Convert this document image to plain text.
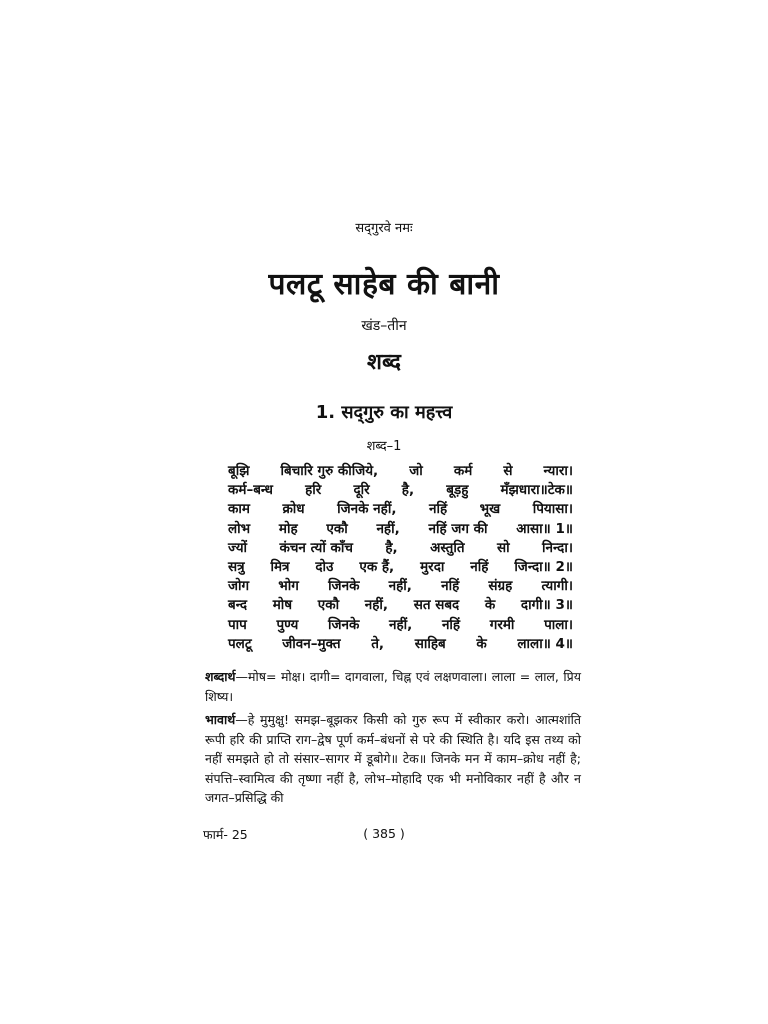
सद्‌गुरवे नमः
पलटू साहेब की बानी
खंड–तीन
शब्द
1. सद्‌गुरु का महत्त्व
शब्द–1
बूझि बिचारि गुरु कीजिये, जो कर्म से न्यारा।
कर्म–बन्ध हरि दूरि है, बूड़हु मँझधारा॥टेक॥
काम क्रोध जिनके नहीं, नहिं भूख पियासा।
लोभ मोह एकौ नहीं, नहिं जग की आसा॥ 1॥
ज्यों कंचन त्यों काँच है, अस्तुति सो निन्दा।
सत्रु मित्र दोउ एक हैं, मुरदा नहिं जिन्दा॥ 2॥
जोग भोग जिनके नहीं, नहिं संग्रह त्यागी।
बन्द मोष एकौ नहीं, सत सबद के दागी॥ 3॥
पाप पुण्य जिनके नहीं, नहिं गरमी पाला।
पलटू जीवन–मुक्त ते, साहिब के लाला॥ 4॥
शब्दार्थ—मोष= मोक्ष। दागी= दागवाला, चिह्न एवं लक्षणवाला। लाला = लाल, प्रिय शिष्य।
भावार्थ—हे मुमुक्षु! समझ–बूझकर किसी को गुरु रूप में स्वीकार करो। आत्मशांति रूपी हरि की प्राप्ति राग–द्वेष पूर्ण कर्म–बंधनों से परे की स्थिति है। यदि इस तथ्य को नहीं समझते हो तो संसार–सागर में डूबोगे॥ टेक॥ जिनके मन में काम–क्रोध नहीं है; संपत्ति–स्वामित्व की तृष्णा नहीं है, लोभ–मोहादि एक भी मनोविकार नहीं है और न जगत–प्रसिद्धि की
फार्म- 25	( 385 )
